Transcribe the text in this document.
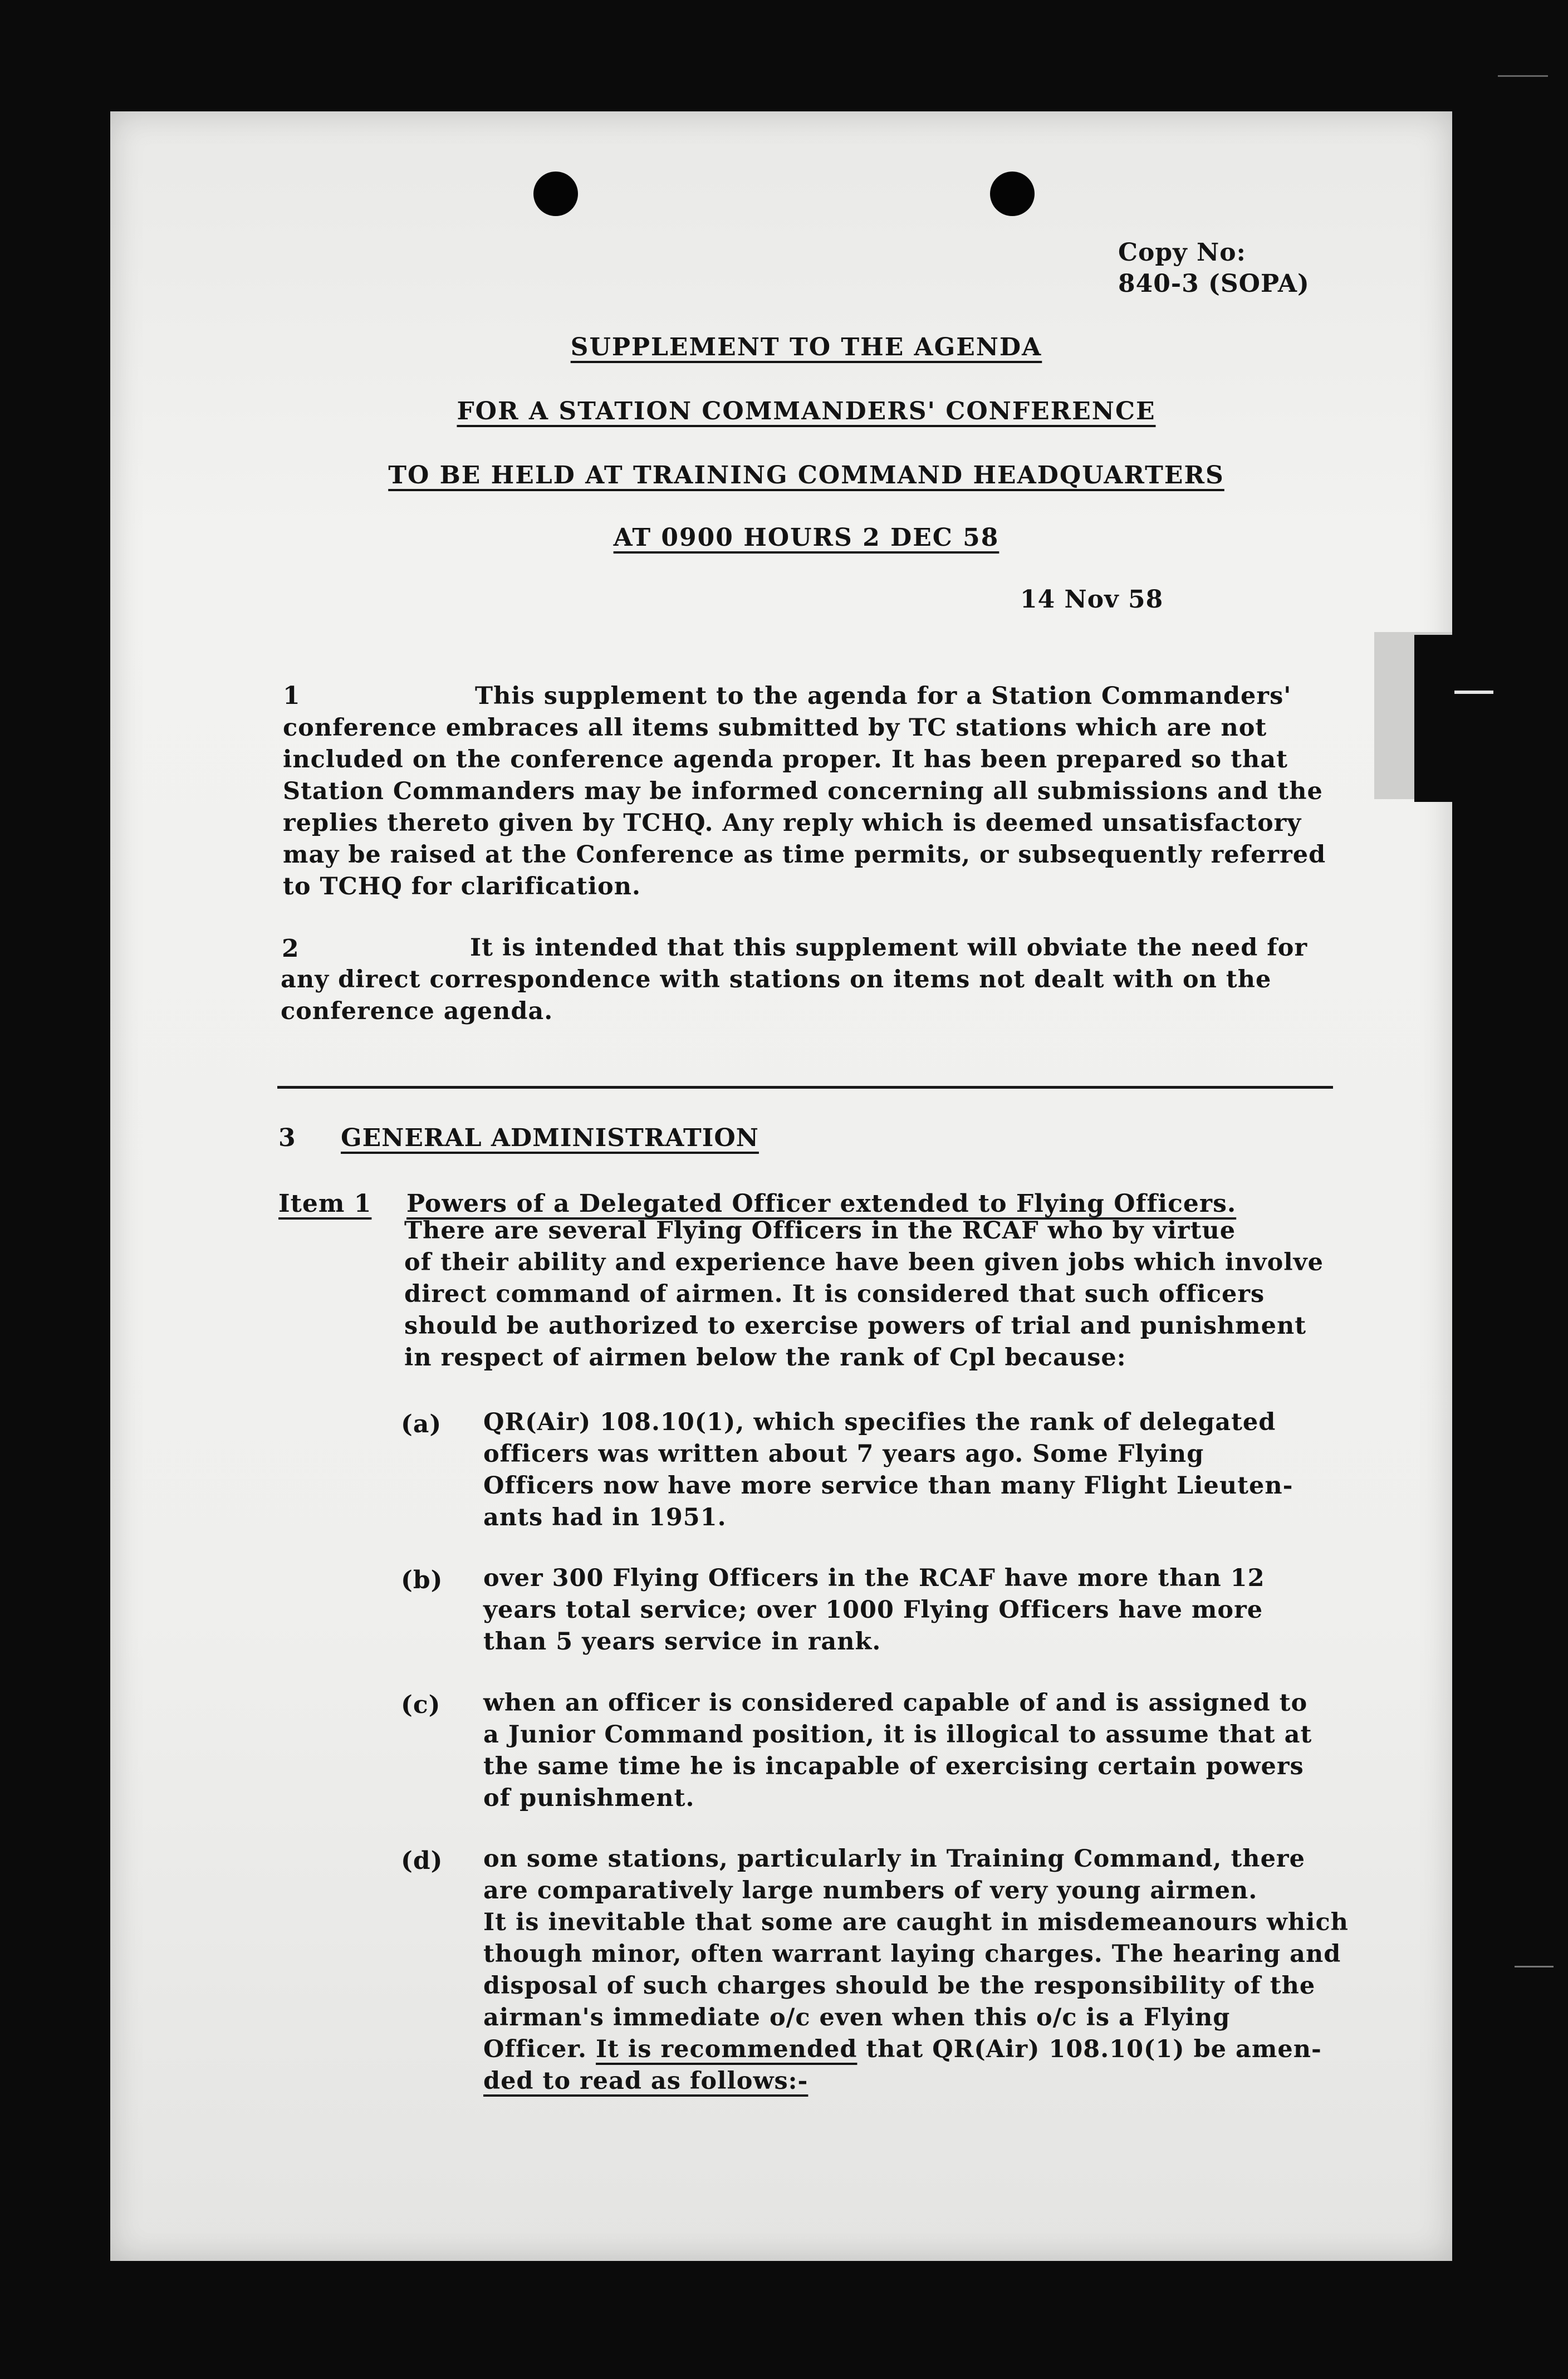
Copy No:
840-3 (SOPA)
SUPPLEMENT TO THE AGENDA
FOR A STATION COMMANDERS' CONFERENCE
TO BE HELD AT TRAINING COMMAND HEADQUARTERS
AT 0900 HOURS 2 DEC 58
14 Nov 58
1	This supplement to the agenda for a Station Commanders'
conference embraces all items submitted by TC stations which are not
included on the conference agenda proper. It has been prepared so that
Station Commanders may be informed concerning all submissions and the
replies thereto given by TCHQ. Any reply which is deemed unsatisfactory
may be raised at the Conference as time permits, or subsequently referred
to TCHQ for clarification.
2	It is intended that this supplement will obviate the need for
any direct correspondence with stations on items not dealt with on the
conference agenda.
3 GENERAL ADMINISTRATION
Item 1 Powers of a Delegated Officer extended to Flying Officers.
There are several Flying Officers in the RCAF who by virtue
of their ability and experience have been given jobs which involve
direct command of airmen. It is considered that such officers
should be authorized to exercise powers of trial and punishment
in respect of airmen below the rank of Cpl because:
(a) QR(Air) 108.10(1), which specifies the rank of delegated
officers was written about 7 years ago. Some Flying
Officers now have more service than many Flight Lieuten-
ants had in 1951.
(b) over 300 Flying Officers in the RCAF have more than 12
years total service; over 1000 Flying Officers have more
than 5 years service in rank.
(c) when an officer is considered capable of and is assigned to
a Junior Command position, it is illogical to assume that at
the same time he is incapable of exercising certain powers
of punishment.
(d) on some stations, particularly in Training Command, there
are comparatively large numbers of very young airmen.
It is inevitable that some are caught in misdemeanours which
though minor, often warrant laying charges. The hearing and
disposal of such charges should be the responsibility of the
airman's immediate o/c even when this o/c is a Flying
Officer. It is recommended that QR(Air) 108.10(1) be amen-
ded to read as follows:-
